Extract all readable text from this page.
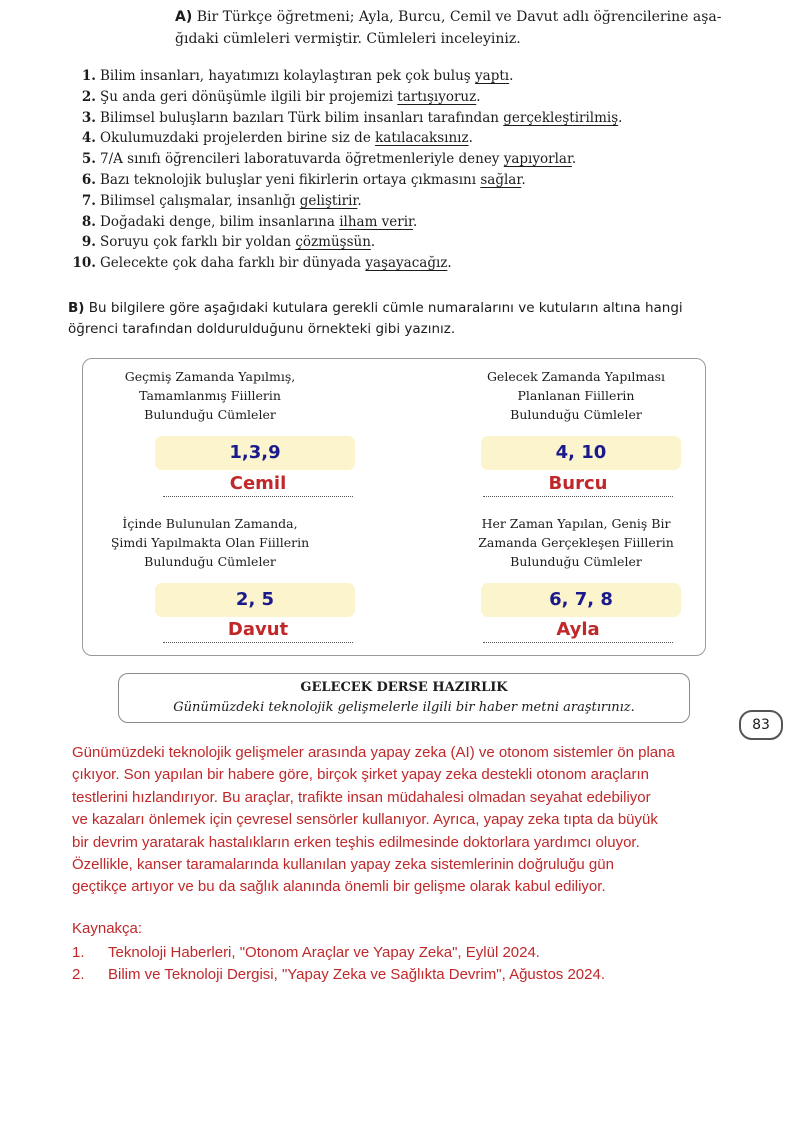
A) Bir Türkçe öğretmeni; Ayla, Burcu, Cemil ve Davut adlı öğrencilerine aşa-
ğıdaki cümleleri vermiştir. Cümleleri inceleyiniz.
1. Bilim insanları, hayatımızı kolaylaştıran pek çok buluş yaptı.
2. Şu anda geri dönüşümle ilgili bir projemizi tartışıyoruz.
3. Bilimsel buluşların bazıları Türk bilim insanları tarafından gerçekleştirilmiş.
4. Okulumuzdaki projelerden birine siz de katılacaksınız.
5. 7/A sınıfı öğrencileri laboratuvarda öğretmenleriyle deney yapıyorlar.
6. Bazı teknolojik buluşlar yeni fikirlerin ortaya çıkmasını sağlar.
7. Bilimsel çalışmalar, insanlığı geliştirir.
8. Doğadaki denge, bilim insanlarına ilham verir.
9. Soruyu çok farklı bir yoldan çözmüşsün.
10. Gelecekte çok daha farklı bir dünyada yaşayacağız.
B) Bu bilgilere göre aşağıdaki kutulara gerekli cümle numaralarını ve kutuların altına hangi
öğrenci tarafından doldurulduğunu örnekteki gibi yazınız.
Geçmiş Zamanda Yapılmış,
Tamamlanmış Fiillerin
Bulunduğu Cümleler
1,3,9
Cemil
Gelecek Zamanda Yapılması
Planlanan Fiillerin
Bulunduğu Cümleler
4, 10
Burcu
İçinde Bulunulan Zamanda,
Şimdi Yapılmakta Olan Fiillerin
Bulunduğu Cümleler
2, 5
Davut
Her Zaman Yapılan, Geniş Bir
Zamanda Gerçekleşen Fiillerin
Bulunduğu Cümleler
6, 7, 8
Ayla
GELECEK DERSE HAZIRLIK
Günümüzdeki teknolojik gelişmelerle ilgili bir haber metni araştırınız.
83
Günümüzdeki teknolojik gelişmeler arasında yapay zeka (AI) ve otonom sistemler ön plana
çıkıyor. Son yapılan bir habere göre, birçok şirket yapay zeka destekli otonom araçların
testlerini hızlandırıyor. Bu araçlar, trafikte insan müdahalesi olmadan seyahat edebiliyor
ve kazaları önlemek için çevresel sensörler kullanıyor. Ayrıca, yapay zeka tıpta da büyük
bir devrim yaratarak hastalıkların erken teşhis edilmesinde doktorlara yardımcı oluyor.
Özellikle, kanser taramalarında kullanılan yapay zeka sistemlerinin doğruluğu gün
geçtikçe artıyor ve bu da sağlık alanında önemli bir gelişme olarak kabul ediliyor.
Kaynakça:
1. Teknoloji Haberleri, "Otonom Araçlar ve Yapay Zeka", Eylül 2024.
2. Bilim ve Teknoloji Dergisi, "Yapay Zeka ve Sağlıkta Devrim", Ağustos 2024.
